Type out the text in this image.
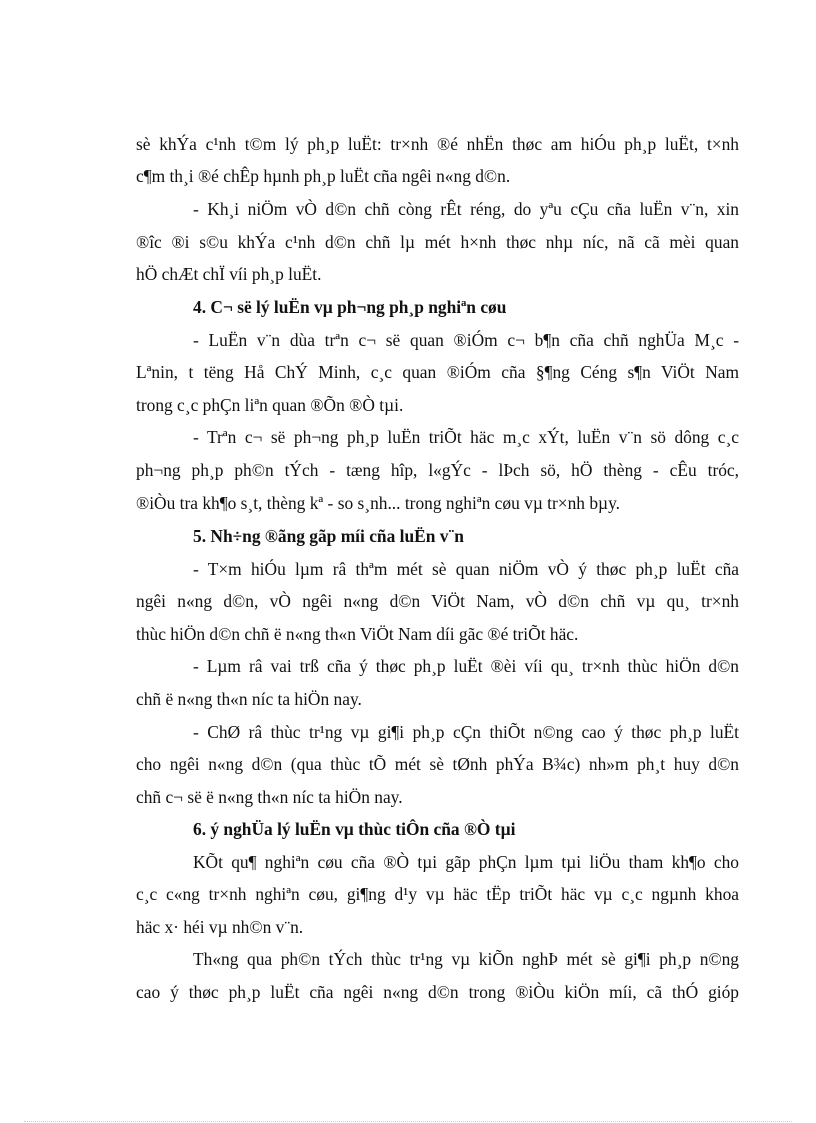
sè khÝa c¹nh t©m lý ph¸p luËt: tr×nh ®é nhËn thøc am hiÓu ph¸p luËt, t×nh
c¶m th¸i ®é chÊp hµnh ph¸p luËt cña ngêi n«ng d©n.
- Kh¸i niÖm vÒ d©n chñ còng rÊt réng, do yªu cÇu cña luËn v¨n, xin
®îc ®i s©u khÝa c¹nh d©n chñ lµ mét h×nh thøc nhµ níc, nã cã mèi quan
hÖ chÆt chÏ víi ph¸p luËt.
4. C¬ së lý luËn vµ ph¬ng ph¸p nghiªn cøu
- LuËn v¨n dùa trªn c¬ së quan ®iÓm c¬ b¶n cña chñ nghÜa M¸c -
Lªnin, t tëng Hå ChÝ Minh, c¸c quan ®iÓm cña §¶ng Céng s¶n ViÖt Nam
trong c¸c phÇn liªn quan ®Õn ®Ò tµi.
- Trªn c¬ së ph¬ng ph¸p luËn triÕt häc m¸c xÝt, luËn v¨n sö dông c¸c
ph¬ng ph¸p ph©n tÝch - tæng hîp, l«gÝc - lÞch sö, hÖ thèng - cÊu tróc,
®iÒu tra kh¶o s¸t, thèng kª - so s¸nh... trong nghiªn cøu vµ tr×nh bµy.
5. Nh÷ng ®ãng gãp míi cña luËn v¨n
- T×m hiÓu lµm râ thªm mét sè quan niÖm vÒ ý thøc ph¸p luËt cña
ngêi n«ng d©n, vÒ ngêi n«ng d©n ViÖt Nam, vÒ d©n chñ vµ qu¸ tr×nh
thùc hiÖn d©n chñ ë n«ng th«n ViÖt Nam díi gãc ®é triÕt häc.
- Lµm râ vai trß cña ý thøc ph¸p luËt ®èi víi qu¸ tr×nh thùc hiÖn d©n
chñ ë n«ng th«n níc ta hiÖn nay.
- ChØ râ thùc tr¹ng vµ gi¶i ph¸p cÇn thiÕt n©ng cao ý thøc ph¸p luËt
cho ngêi n«ng d©n (qua thùc tÕ mét sè tØnh phÝa B¾c) nh»m ph¸t huy d©n
chñ c¬ së ë n«ng th«n níc ta hiÖn nay.
6. ý nghÜa lý luËn vµ thùc tiÔn cña ®Ò tµi
KÕt qu¶ nghiªn cøu cña ®Ò tµi gãp phÇn lµm tµi liÖu tham kh¶o cho
c¸c c«ng tr×nh nghiªn cøu, gi¶ng d¹y vµ häc tËp triÕt häc vµ c¸c ngµnh khoa
häc x· héi vµ nh©n v¨n.
Th«ng qua ph©n tÝch thùc tr¹ng vµ kiÕn nghÞ mét sè gi¶i ph¸p n©ng
cao ý thøc ph¸p luËt cña ngêi n«ng d©n trong ®iÒu kiÖn míi, cã thÓ gióp
